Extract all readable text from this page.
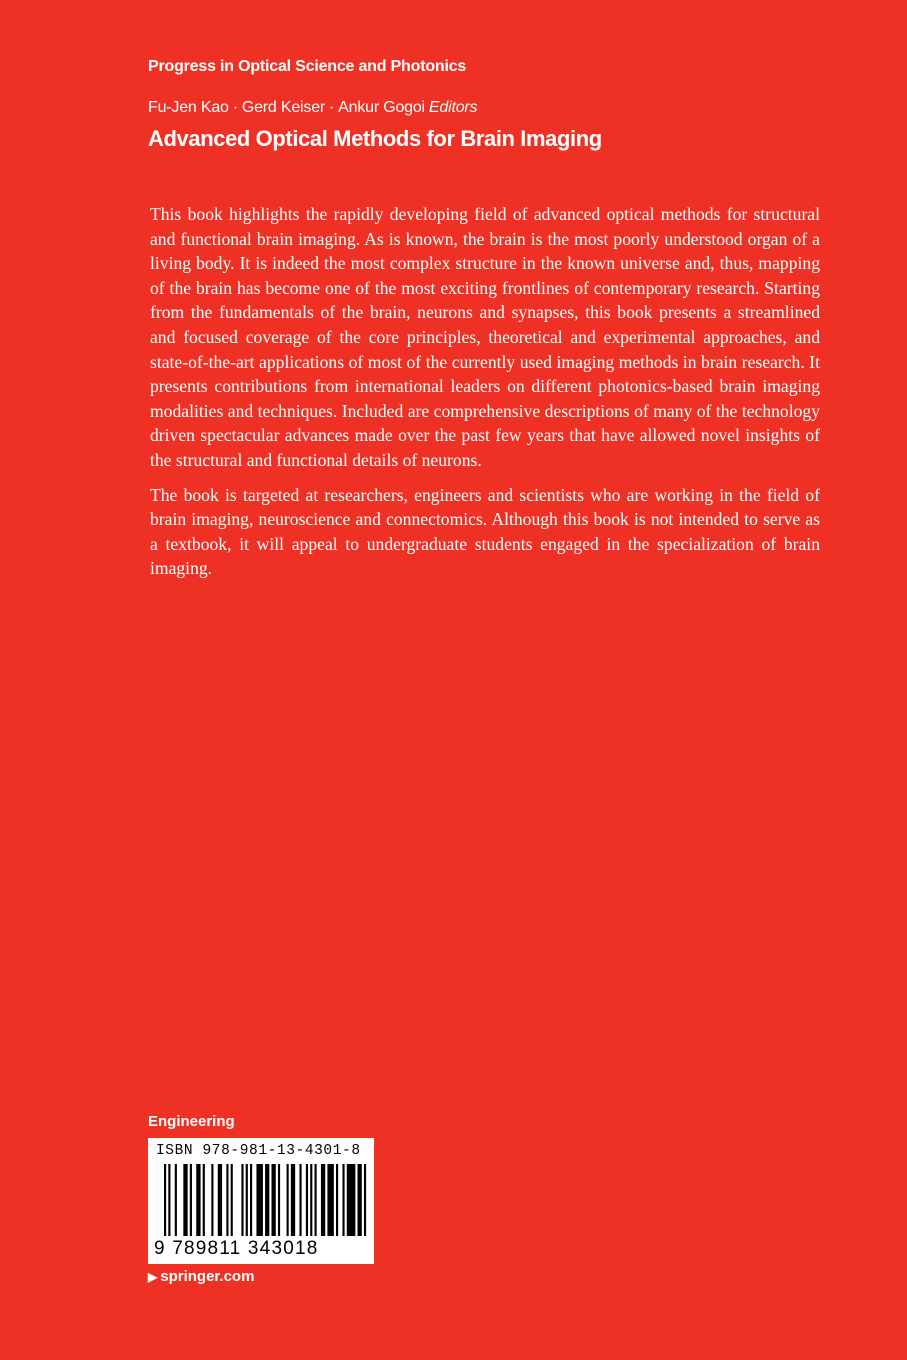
Progress in Optical Science and Photonics
Fu-Jen Kao · Gerd Keiser · Ankur Gogoi Editors
Advanced Optical Methods for Brain Imaging

This book highlights the rapidly developing field of advanced optical methods for structural and functional brain imaging. As is known, the brain is the most poorly understood organ of a living body. It is indeed the most complex structure in the known universe and, thus, mapping of the brain has become one of the most exciting frontlines of contemporary research. Starting from the fundamentals of the brain, neurons and synapses, this book presents a streamlined and focused coverage of the core principles, theoretical and experimental approaches, and state-of-the-art applications of most of the currently used imaging methods in brain research. It presents contributions from international leaders on different photonics-based brain imaging modalities and techniques. Included are comprehensive descriptions of many of the technology driven spectacular advances made over the past few years that have allowed novel insights of the structural and functional details of neurons.

The book is targeted at researchers, engineers and scientists who are working in the field of brain imaging, neuroscience and connectomics. Although this book is not intended to serve as a textbook, it will appeal to undergraduate students engaged in the specialization of brain imaging.

Engineering
ISBN 978-981-13-4301-8
9 789811 343018
▶ springer.com
